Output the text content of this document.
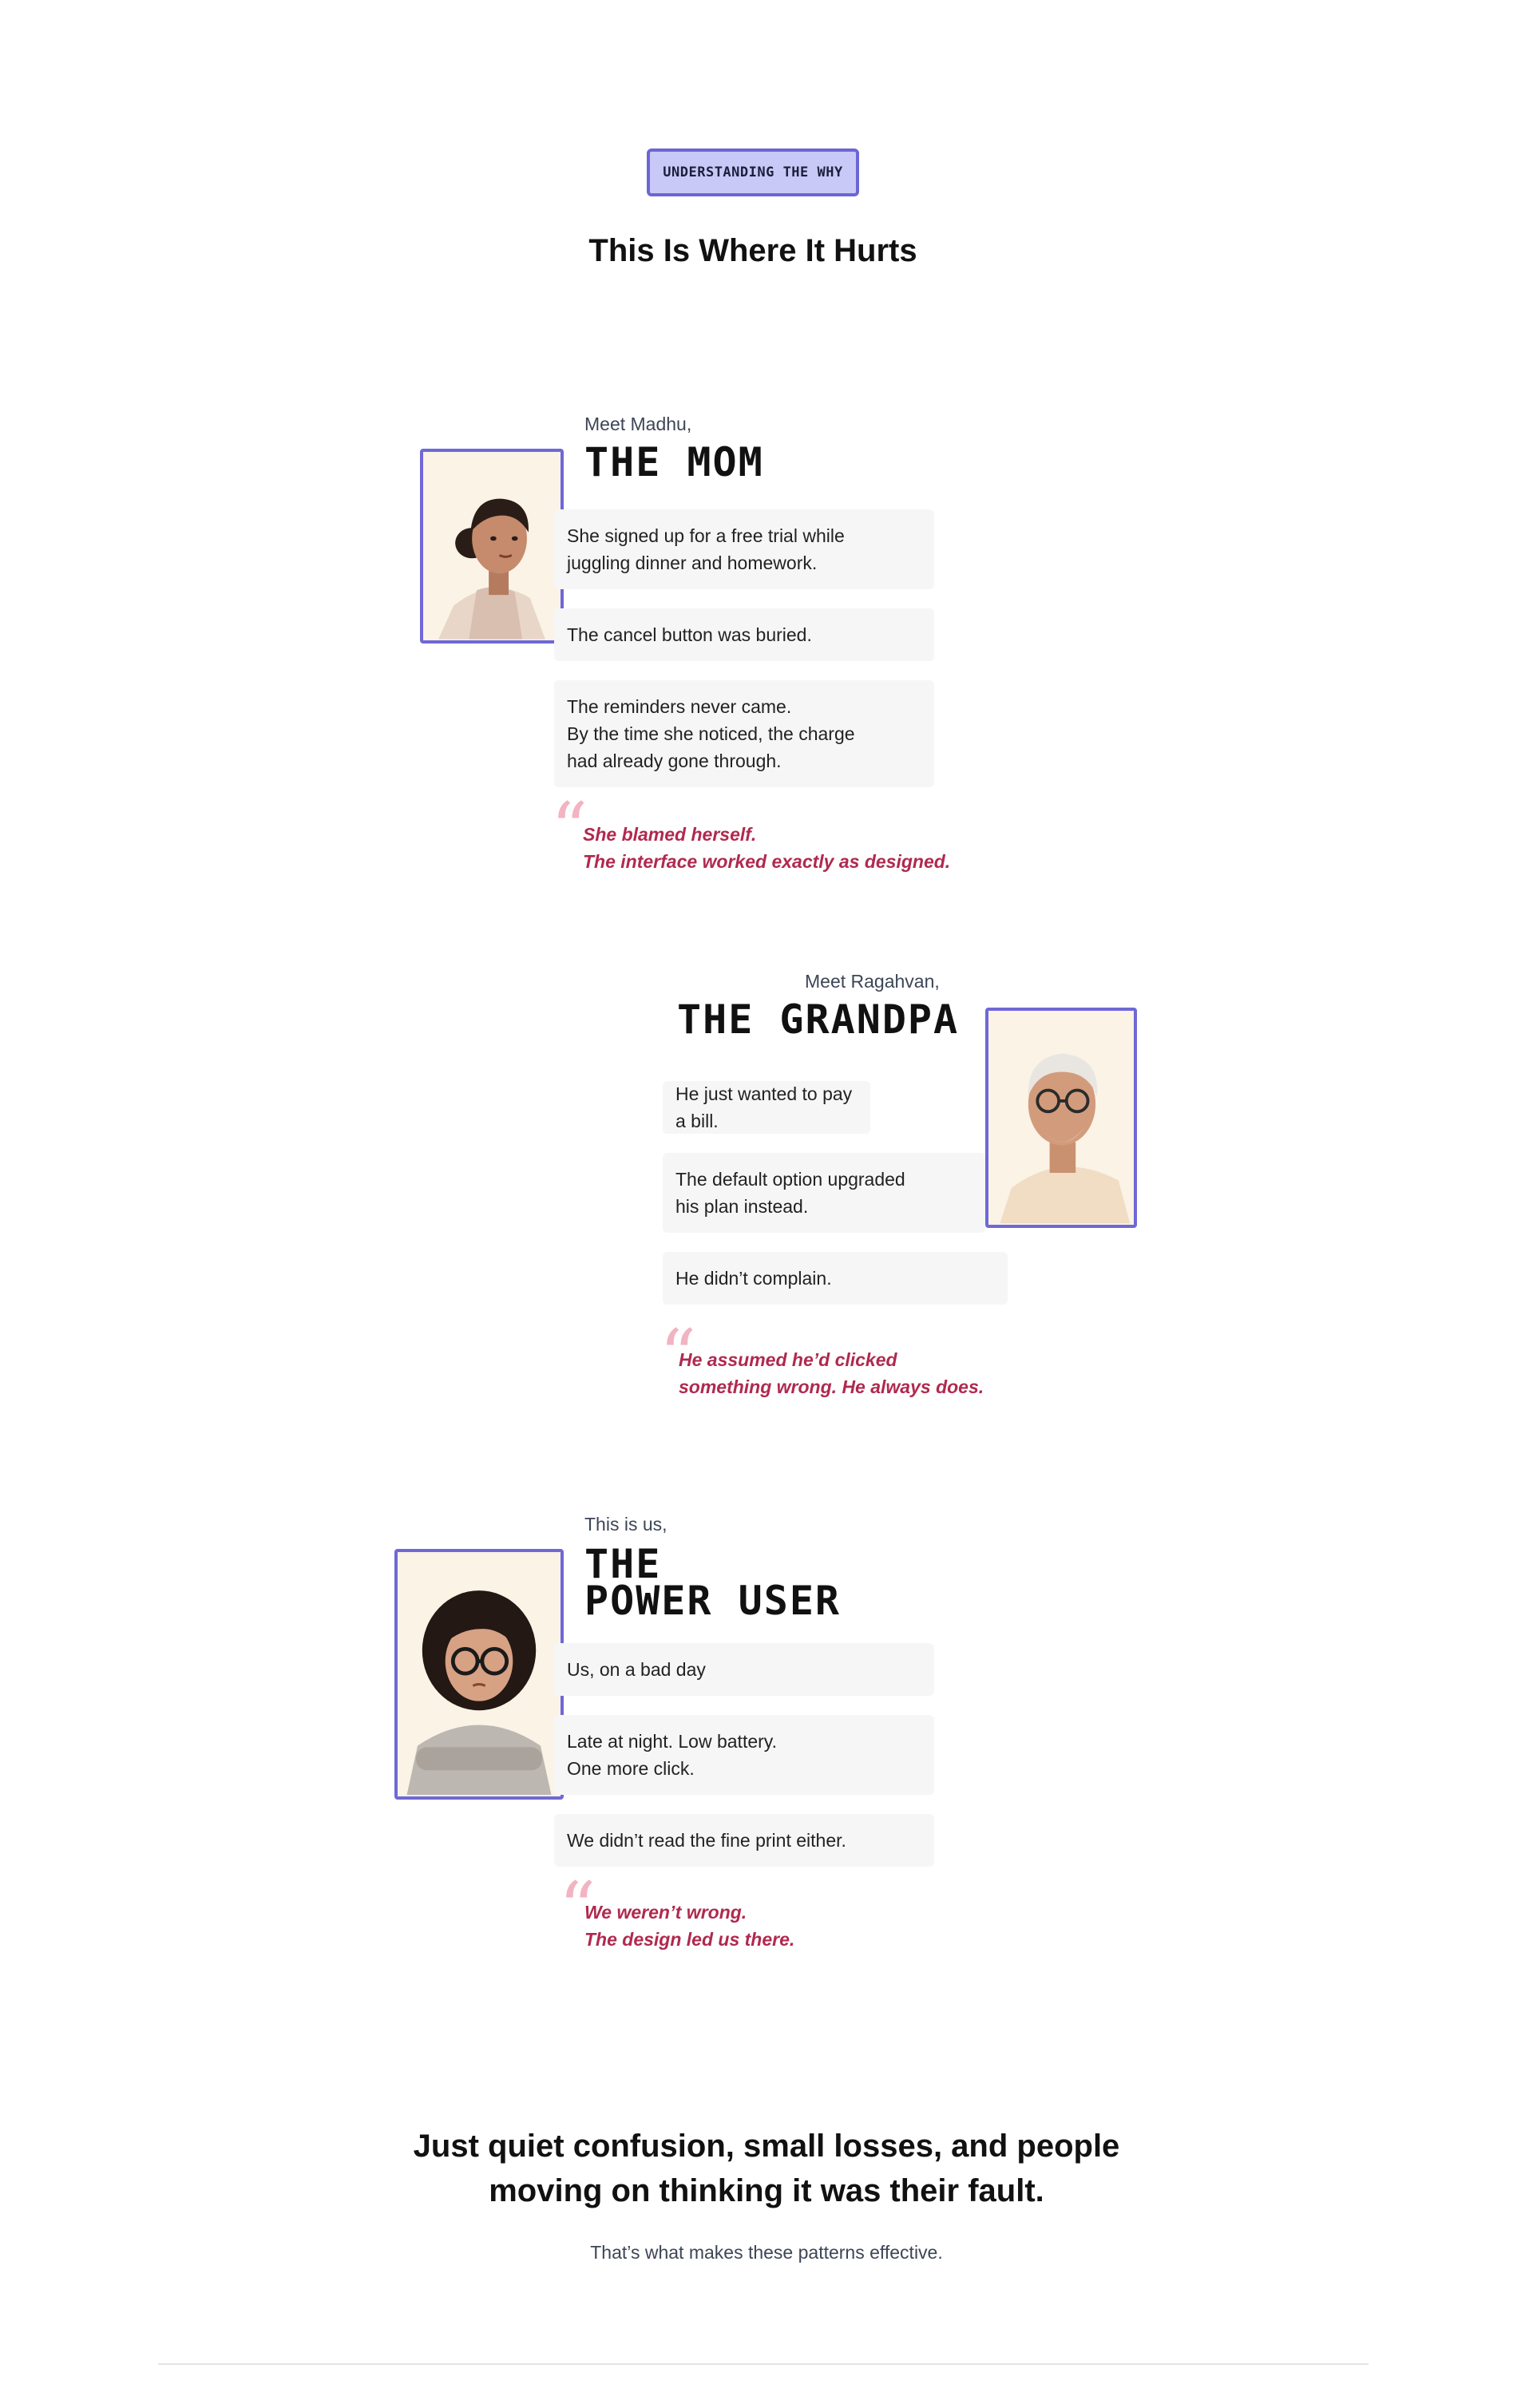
UNDERSTANDING THE WHY
This Is Where It Hurts
Meet Madhu,
THE MOM
She signed up for a free trial while
juggling dinner and homework.
The cancel button was buried.
The reminders never came.
By the time she noticed, the charge
had already gone through.
“
She blamed herself.
The interface worked exactly as designed.
Meet Ragahvan,
THE GRANDPA
He just wanted to pay a bill.
The default option upgraded
his plan instead.
He didn’t complain.
“
He assumed he’d clicked
something wrong. He always does.
This is us,
THE
POWER USER
Us, on a bad day
Late at night. Low battery.
One more click.
We didn’t read the fine print either.
“
We weren’t wrong.
The design led us there.
Just quiet confusion, small losses, and people
moving on thinking it was their fault.
That’s what makes these patterns effective.
